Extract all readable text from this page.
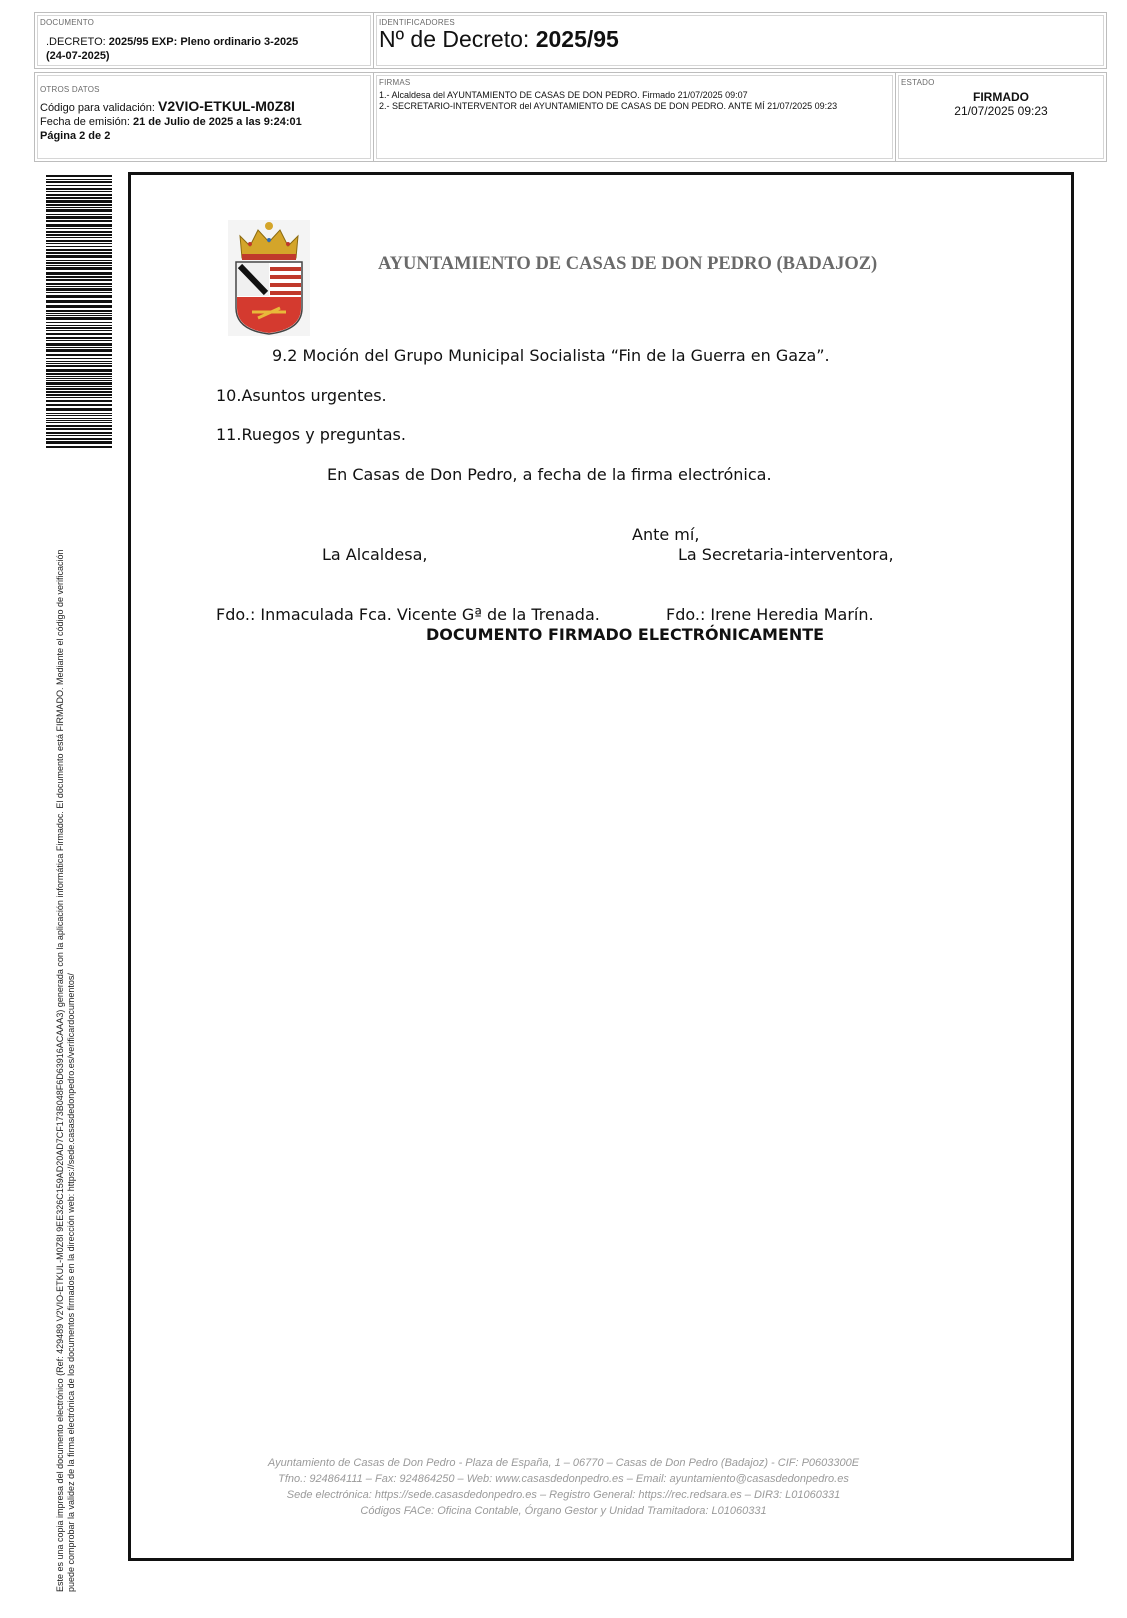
DOCUMENTO
.DECRETO: 2025/95 EXP: Pleno ordinario 3-2025
(24-07-2025)
IDENTIFICADORES
Nº de Decreto: 2025/95
OTROS DATOS
Código para validación: V2VIO-ETKUL-M0Z8I
Fecha de emisión: 21 de Julio de 2025 a las 9:24:01
Página 2 de 2
FIRMAS
1.- Alcaldesa del AYUNTAMIENTO DE CASAS DE DON PEDRO. Firmado 21/07/2025 09:07
2.- SECRETARIO-INTERVENTOR del AYUNTAMIENTO DE CASAS DE DON PEDRO. ANTE MÍ 21/07/2025 09:23
ESTADO
FIRMADO
21/07/2025 09:23
Este es una copia impresa del documento electrónico (Ref: 429489 V2VIO-ETKUL-M0Z8I 9EE326C159AD20AD7CF173B048F6D63916ACAAA3) generada con la aplicación informática Firmadoc. El documento está FIRMADO. Mediante el código de verificación puede comprobar la validez de la firma electrónica de los documentos firmados en la dirección web: https://sede.casasdedonpedro.es/verificardocumentos/
AYUNTAMIENTO DE CASAS DE DON PEDRO (BADAJOZ)
9.2 Moción del Grupo Municipal Socialista “Fin de la Guerra en Gaza”.
10.Asuntos urgentes.
11.Ruegos y preguntas.
En Casas de Don Pedro, a fecha de la firma electrónica.
Ante mí,
La Alcaldesa,	La Secretaria-interventora,
Fdo.: Inmaculada Fca. Vicente Gª de la Trenada.	Fdo.: Irene Heredia Marín.
DOCUMENTO FIRMADO ELECTRÓNICAMENTE
Ayuntamiento de Casas de Don Pedro - Plaza de España, 1 – 06770 – Casas de Don Pedro (Badajoz) - CIF: P0603300E
Tfno.: 924864111 – Fax: 924864250 – Web: www.casasdedonpedro.es – Email: ayuntamiento@casasdedonpedro.es
Sede electrónica: https://sede.casasdedonpedro.es – Registro General: https://rec.redsara.es – DIR3: L01060331
Códigos FACe: Oficina Contable, Órgano Gestor y Unidad Tramitadora: L01060331
